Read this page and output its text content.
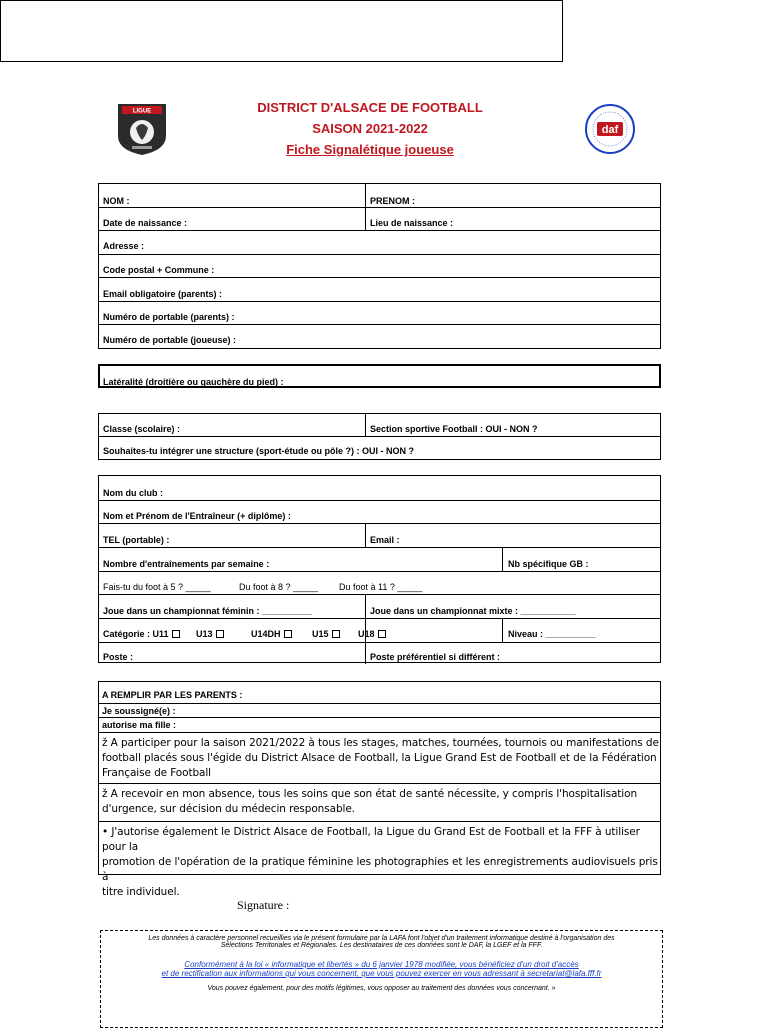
LIGUE	DISTRICT D'ALSACE DE FOOTBALL
SAISON 2021-2022
Fiche Signalétique joueuse
daf
NOM :	PRENOM :
Date de naissance :	Lieu de naissance :
Adresse :
Code postal + Commune :
Email obligatoire (parents) :
Numéro de portable (parents) :
Numéro de portable (joueuse) :
Latéralité (droitière ou gauchère du pied) :
Classe (scolaire) :	Section sportive Football : OUI - NON ?
Souhaites-tu intégrer une structure (sport-étude ou pôle ?) : OUI - NON ?
Nom du club :
Nom et Prénom de l'Entraîneur (+ diplôme) :
TEL (portable) :	Email :
Nombre d'entraînements par semaine :	Nb spécifique GB :
Fais-tu du foot à 5 ? _____	Du foot à 8 ? _____ Du foot à 11 ? _____
Joue dans un championnat féminin : __________	Joue dans un championnat mixte : ___________
Catégorie : U11	U13	U14DH	U15	U18	Niveau : __________
Poste :	Poste préférentiel si différent :
A REMPLIR PAR LES PARENTS :
Je soussigné(e) :
autorise ma fille :
ž A participer pour la saison 2021/2022 à tous les stages, matches, tournées, tournois ou manifestations de
football placés sous l'égide du District Alsace de Football, la Ligue Grand Est de Football et de la Fédération
Française de Football
ž A recevoir en mon absence, tous les soins que son état de santé nécessite, y compris l'hospitalisation
d'urgence, sur décision du médecin responsable.
• J'autorise également le District Alsace de Football, la Ligue du Grand Est de Football et la FFF à utiliser pour la
promotion de l'opération de la pratique féminine les photographies et les enregistrements audiovisuels pris à
titre individuel.
Signature :
Les données à caractère personnel recueillies via le présent formulaire par la LAFA font l'objet d'un traitement informatique destiné à l'organisation des
Sélections Territoriales et Régionales. Les destinataires de ces données sont le DAF, la LGEF et la FFF.
Conformément à la loi « informatique et libertés » du 6 janvier 1978 modifiée, vous bénéficiez d'un droit d'accès
et de rectification aux informations qui vous concernent, que vous pouvez exercer en vous adressant à secretariat@lafa.fff.fr
Vous pouvez également, pour des motifs légitimes, vous opposer au traitement des données vous concernant. »
